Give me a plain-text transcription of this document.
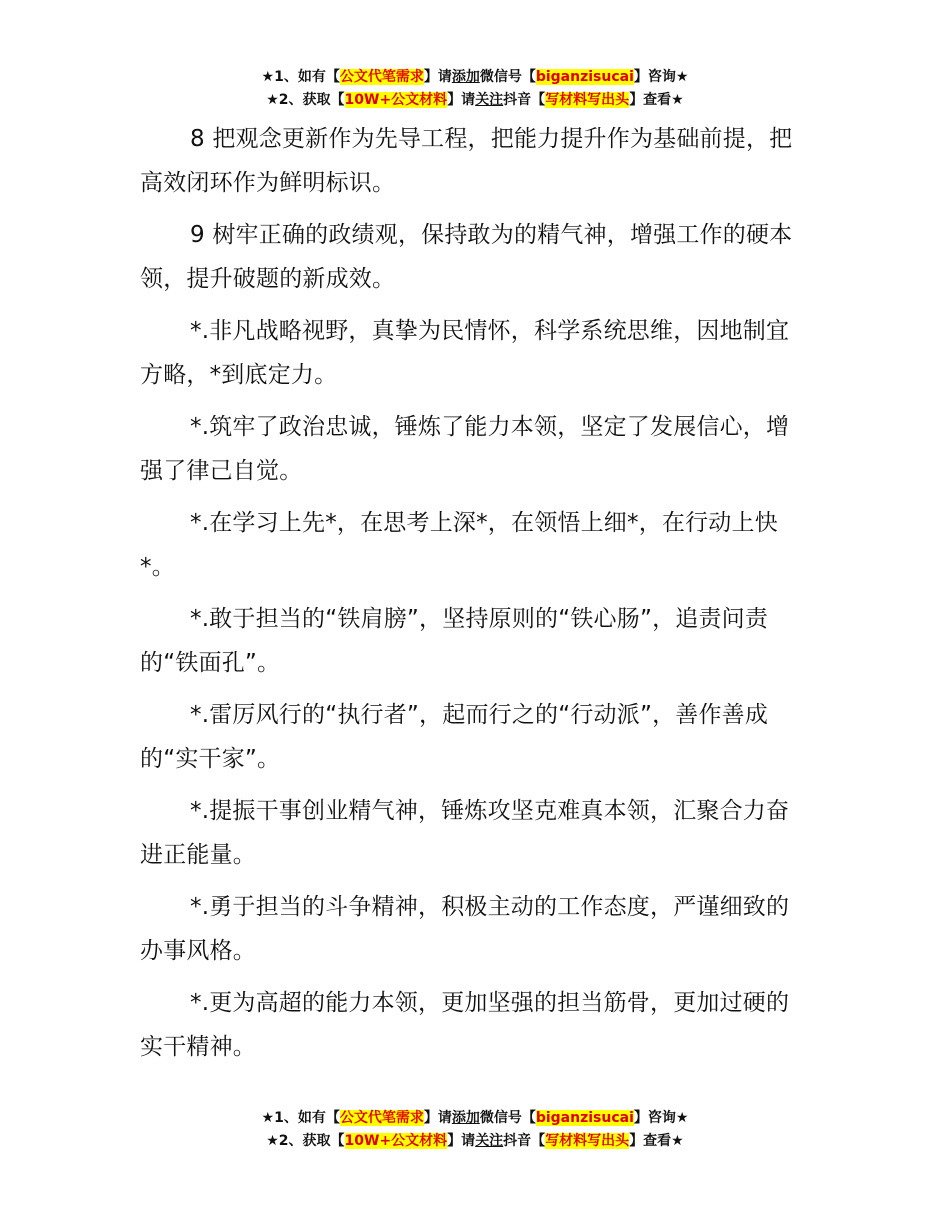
★1、如有【公文代笔需求】请添加微信号【biganzisucai】咨询★
★2、获取【10W+公文材料】请关注抖音【写材料写出头】查看★

8 把观念更新作为先导工程，把能力提升作为基础前提，把高效闭环作为鲜明标识。

9 树牢正确的政绩观，保持敢为的精气神，增强工作的硬本领，提升破题的新成效。

*.非凡战略视野，真挚为民情怀，科学系统思维，因地制宜方略，*到底定力。

*.筑牢了政治忠诚，锤炼了能力本领，坚定了发展信心，增强了律己自觉。

*.在学习上先*，在思考上深*，在领悟上细*，在行动上快*。

*.敢于担当的“铁肩膀”，坚持原则的“铁心肠”，追责问责的“铁面孔”。

*.雷厉风行的“执行者”，起而行之的“行动派”，善作善成的“实干家”。

*.提振干事创业精气神，锤炼攻坚克难真本领，汇聚合力奋进正能量。

*.勇于担当的斗争精神，积极主动的工作态度，严谨细致的办事风格。

*.更为高超的能力本领，更加坚强的担当筋骨，更加过硬的实干精神。

★1、如有【公文代笔需求】请添加微信号【biganzisucai】咨询★
★2、获取【10W+公文材料】请关注抖音【写材料写出头】查看★
